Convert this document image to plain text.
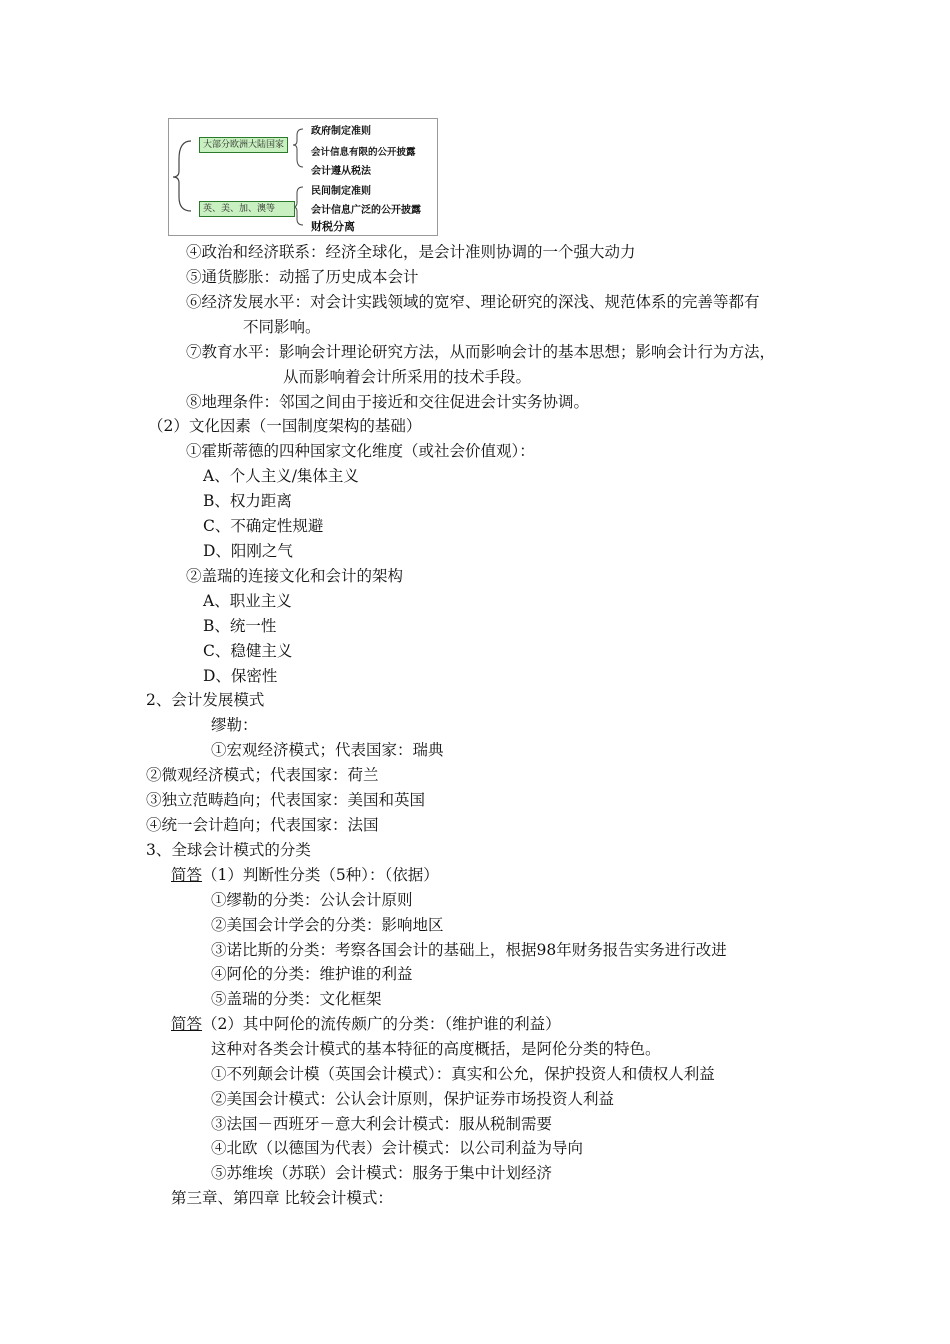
大部分欧洲大陆国家
英、美、加、澳等
政府制定准则
会计信息有限的公开披露
会计遵从税法
民间制定准则
会计信息广泛的公开披露
财税分离
④政治和经济联系：经济全球化，是会计准则协调的一个强大动力
⑤通货膨胀：动摇了历史成本会计
⑥经济发展水平：对会计实践领域的宽窄、理论研究的深浅、规范体系的完善等都有
不同影响。
⑦教育水平：影响会计理论研究方法，从而影响会计的基本思想；影响会计行为方法，
从而影响着会计所采用的技术手段。
⑧地理条件：邻国之间由于接近和交往促进会计实务协调。
（2）文化因素（一国制度架构的基础）
①霍斯蒂德的四种国家文化维度（或社会价值观）：
A、个人主义/集体主义
B、权力距离
C、不确定性规避
D、阳刚之气
②盖瑞的连接文化和会计的架构
A、职业主义
B、统一性
C、稳健主义
D、保密性
2、会计发展模式
缪勒：
①宏观经济模式；代表国家：瑞典
②微观经济模式；代表国家：荷兰
③独立范畴趋向；代表国家：美国和英国
④统一会计趋向；代表国家：法国
3、全球会计模式的分类
简答（1）判断性分类（5种）：（依据）
①缪勒的分类：公认会计原则
②美国会计学会的分类：影响地区
③诺比斯的分类：考察各国会计的基础上，根据98年财务报告实务进行改进
④阿伦的分类：维护谁的利益
⑤盖瑞的分类：文化框架
简答（2）其中阿伦的流传颇广的分类：（维护谁的利益）
这种对各类会计模式的基本特征的高度概括，是阿伦分类的特色。
①不列颠会计模（英国会计模式）：真实和公允，保护投资人和债权人利益
②美国会计模式：公认会计原则，保护证券市场投资人利益
③法国－西班牙－意大利会计模式：服从税制需要
④北欧（以德国为代表）会计模式：以公司利益为导向
⑤苏维埃（苏联）会计模式：服务于集中计划经济
第三章、第四章 比较会计模式：
